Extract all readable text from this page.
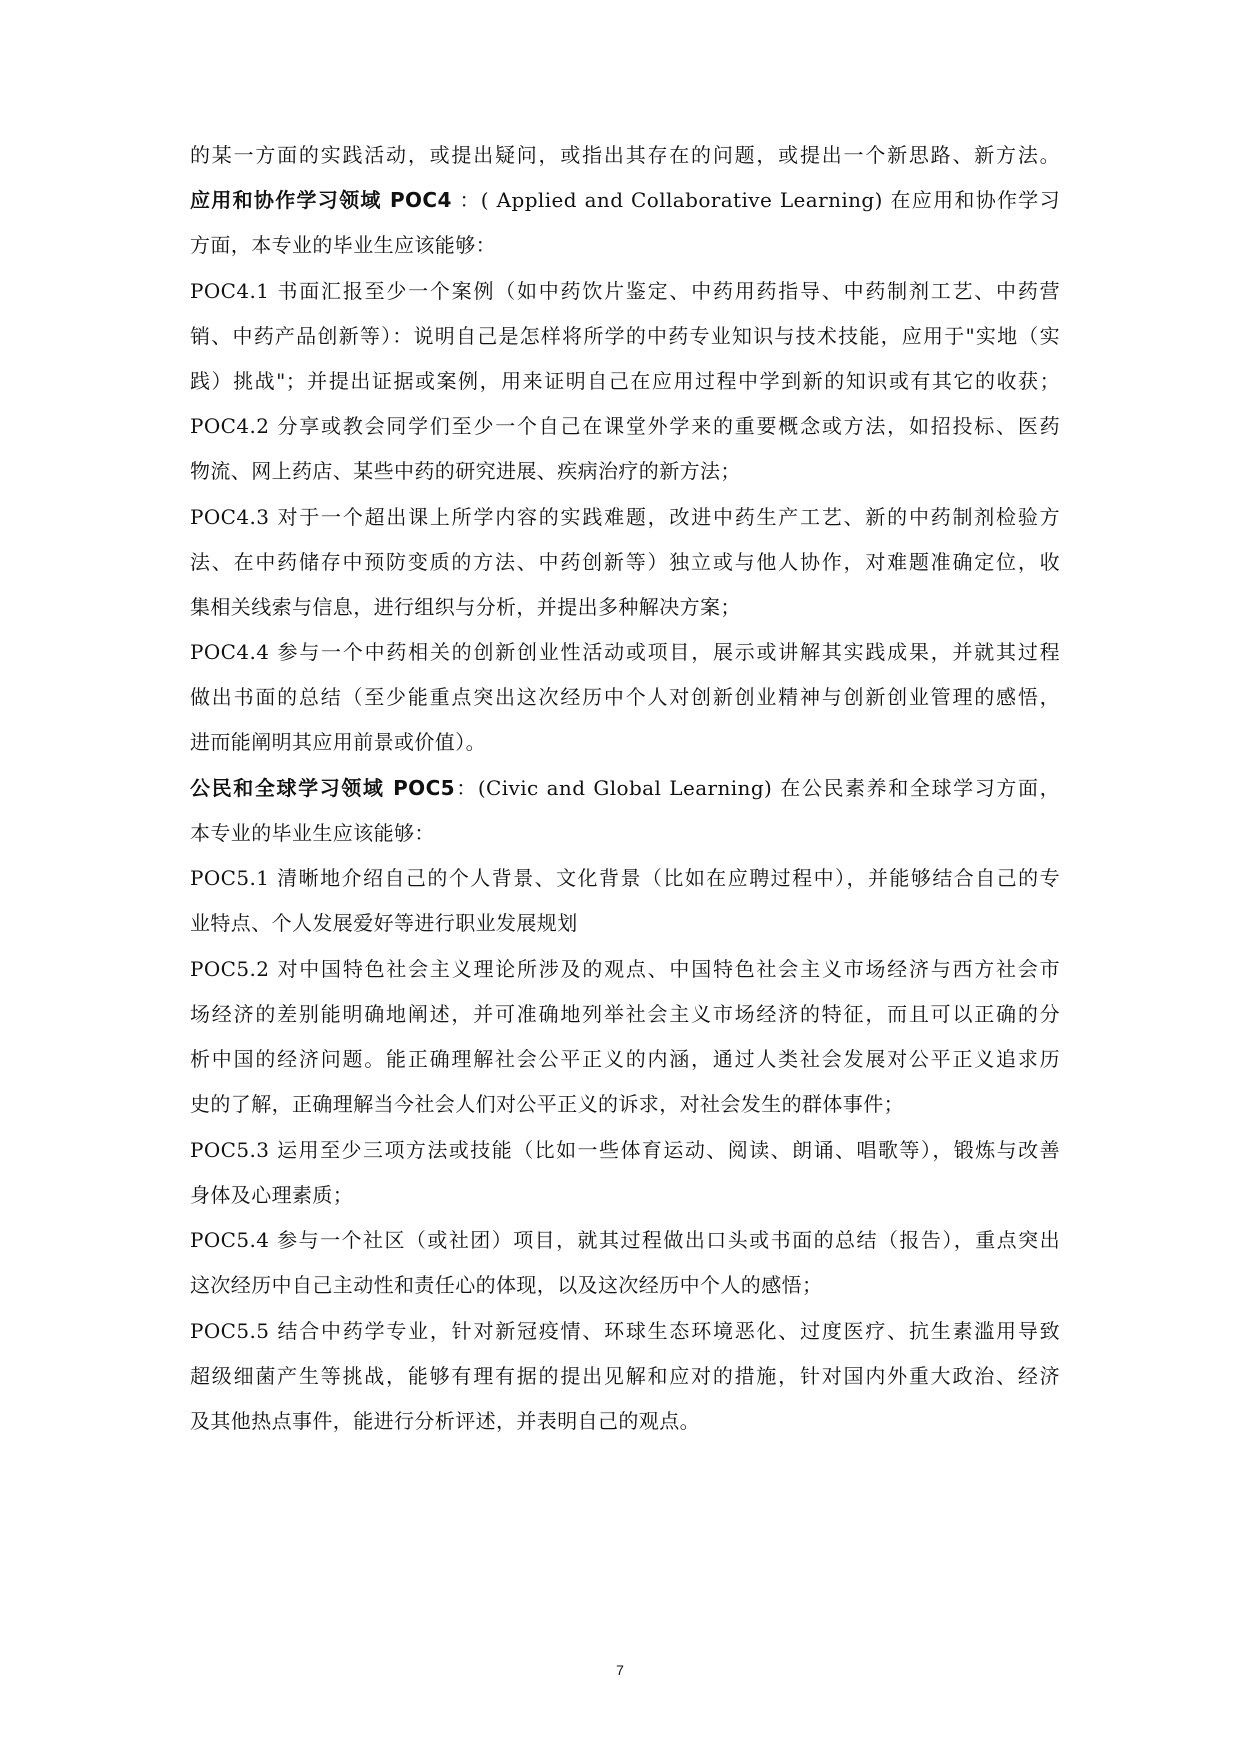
的某一方面的实践活动，或提出疑问，或指出其存在的问题，或提出一个新思路、新方法。
应用和协作学习领域 POC4 ：( Applied and Collaborative Learning) 在应用和协作学习
方面，本专业的毕业生应该能够：
POC4.1 书面汇报至少一个案例（如中药饮片鉴定、中药用药指导、中药制剂工艺、中药营
销、中药产品创新等）：说明自己是怎样将所学的中药专业知识与技术技能，应用于"实地（实
践）挑战"；并提出证据或案例，用来证明自己在应用过程中学到新的知识或有其它的收获；
POC4.2 分享或教会同学们至少一个自己在课堂外学来的重要概念或方法，如招投标、医药
物流、网上药店、某些中药的研究进展、疾病治疗的新方法；
POC4.3 对于一个超出课上所学内容的实践难题，改进中药生产工艺、新的中药制剂检验方
法、在中药储存中预防变质的方法、中药创新等）独立或与他人协作，对难题准确定位，收
集相关线索与信息，进行组织与分析，并提出多种解决方案；
POC4.4 参与一个中药相关的创新创业性活动或项目，展示或讲解其实践成果，并就其过程
做出书面的总结（至少能重点突出这次经历中个人对创新创业精神与创新创业管理的感悟，
进而能阐明其应用前景或价值）。
公民和全球学习领域 POC5：(Civic and Global Learning) 在公民素养和全球学习方面，
本专业的毕业生应该能够：
POC5.1 清晰地介绍自己的个人背景、文化背景（比如在应聘过程中），并能够结合自己的专
业特点、个人发展爱好等进行职业发展规划
POC5.2 对中国特色社会主义理论所涉及的观点、中国特色社会主义市场经济与西方社会市
场经济的差别能明确地阐述，并可准确地列举社会主义市场经济的特征，而且可以正确的分
析中国的经济问题。能正确理解社会公平正义的内涵，通过人类社会发展对公平正义追求历
史的了解，正确理解当今社会人们对公平正义的诉求，对社会发生的群体事件；
POC5.3 运用至少三项方法或技能（比如一些体育运动、阅读、朗诵、唱歌等），锻炼与改善
身体及心理素质；
POC5.4 参与一个社区（或社团）项目，就其过程做出口头或书面的总结（报告），重点突出
这次经历中自己主动性和责任心的体现，以及这次经历中个人的感悟；
POC5.5 结合中药学专业，针对新冠疫情、环球生态环境恶化、过度医疗、抗生素滥用导致
超级细菌产生等挑战，能够有理有据的提出见解和应对的措施，针对国内外重大政治、经济
及其他热点事件，能进行分析评述，并表明自己的观点。
7
